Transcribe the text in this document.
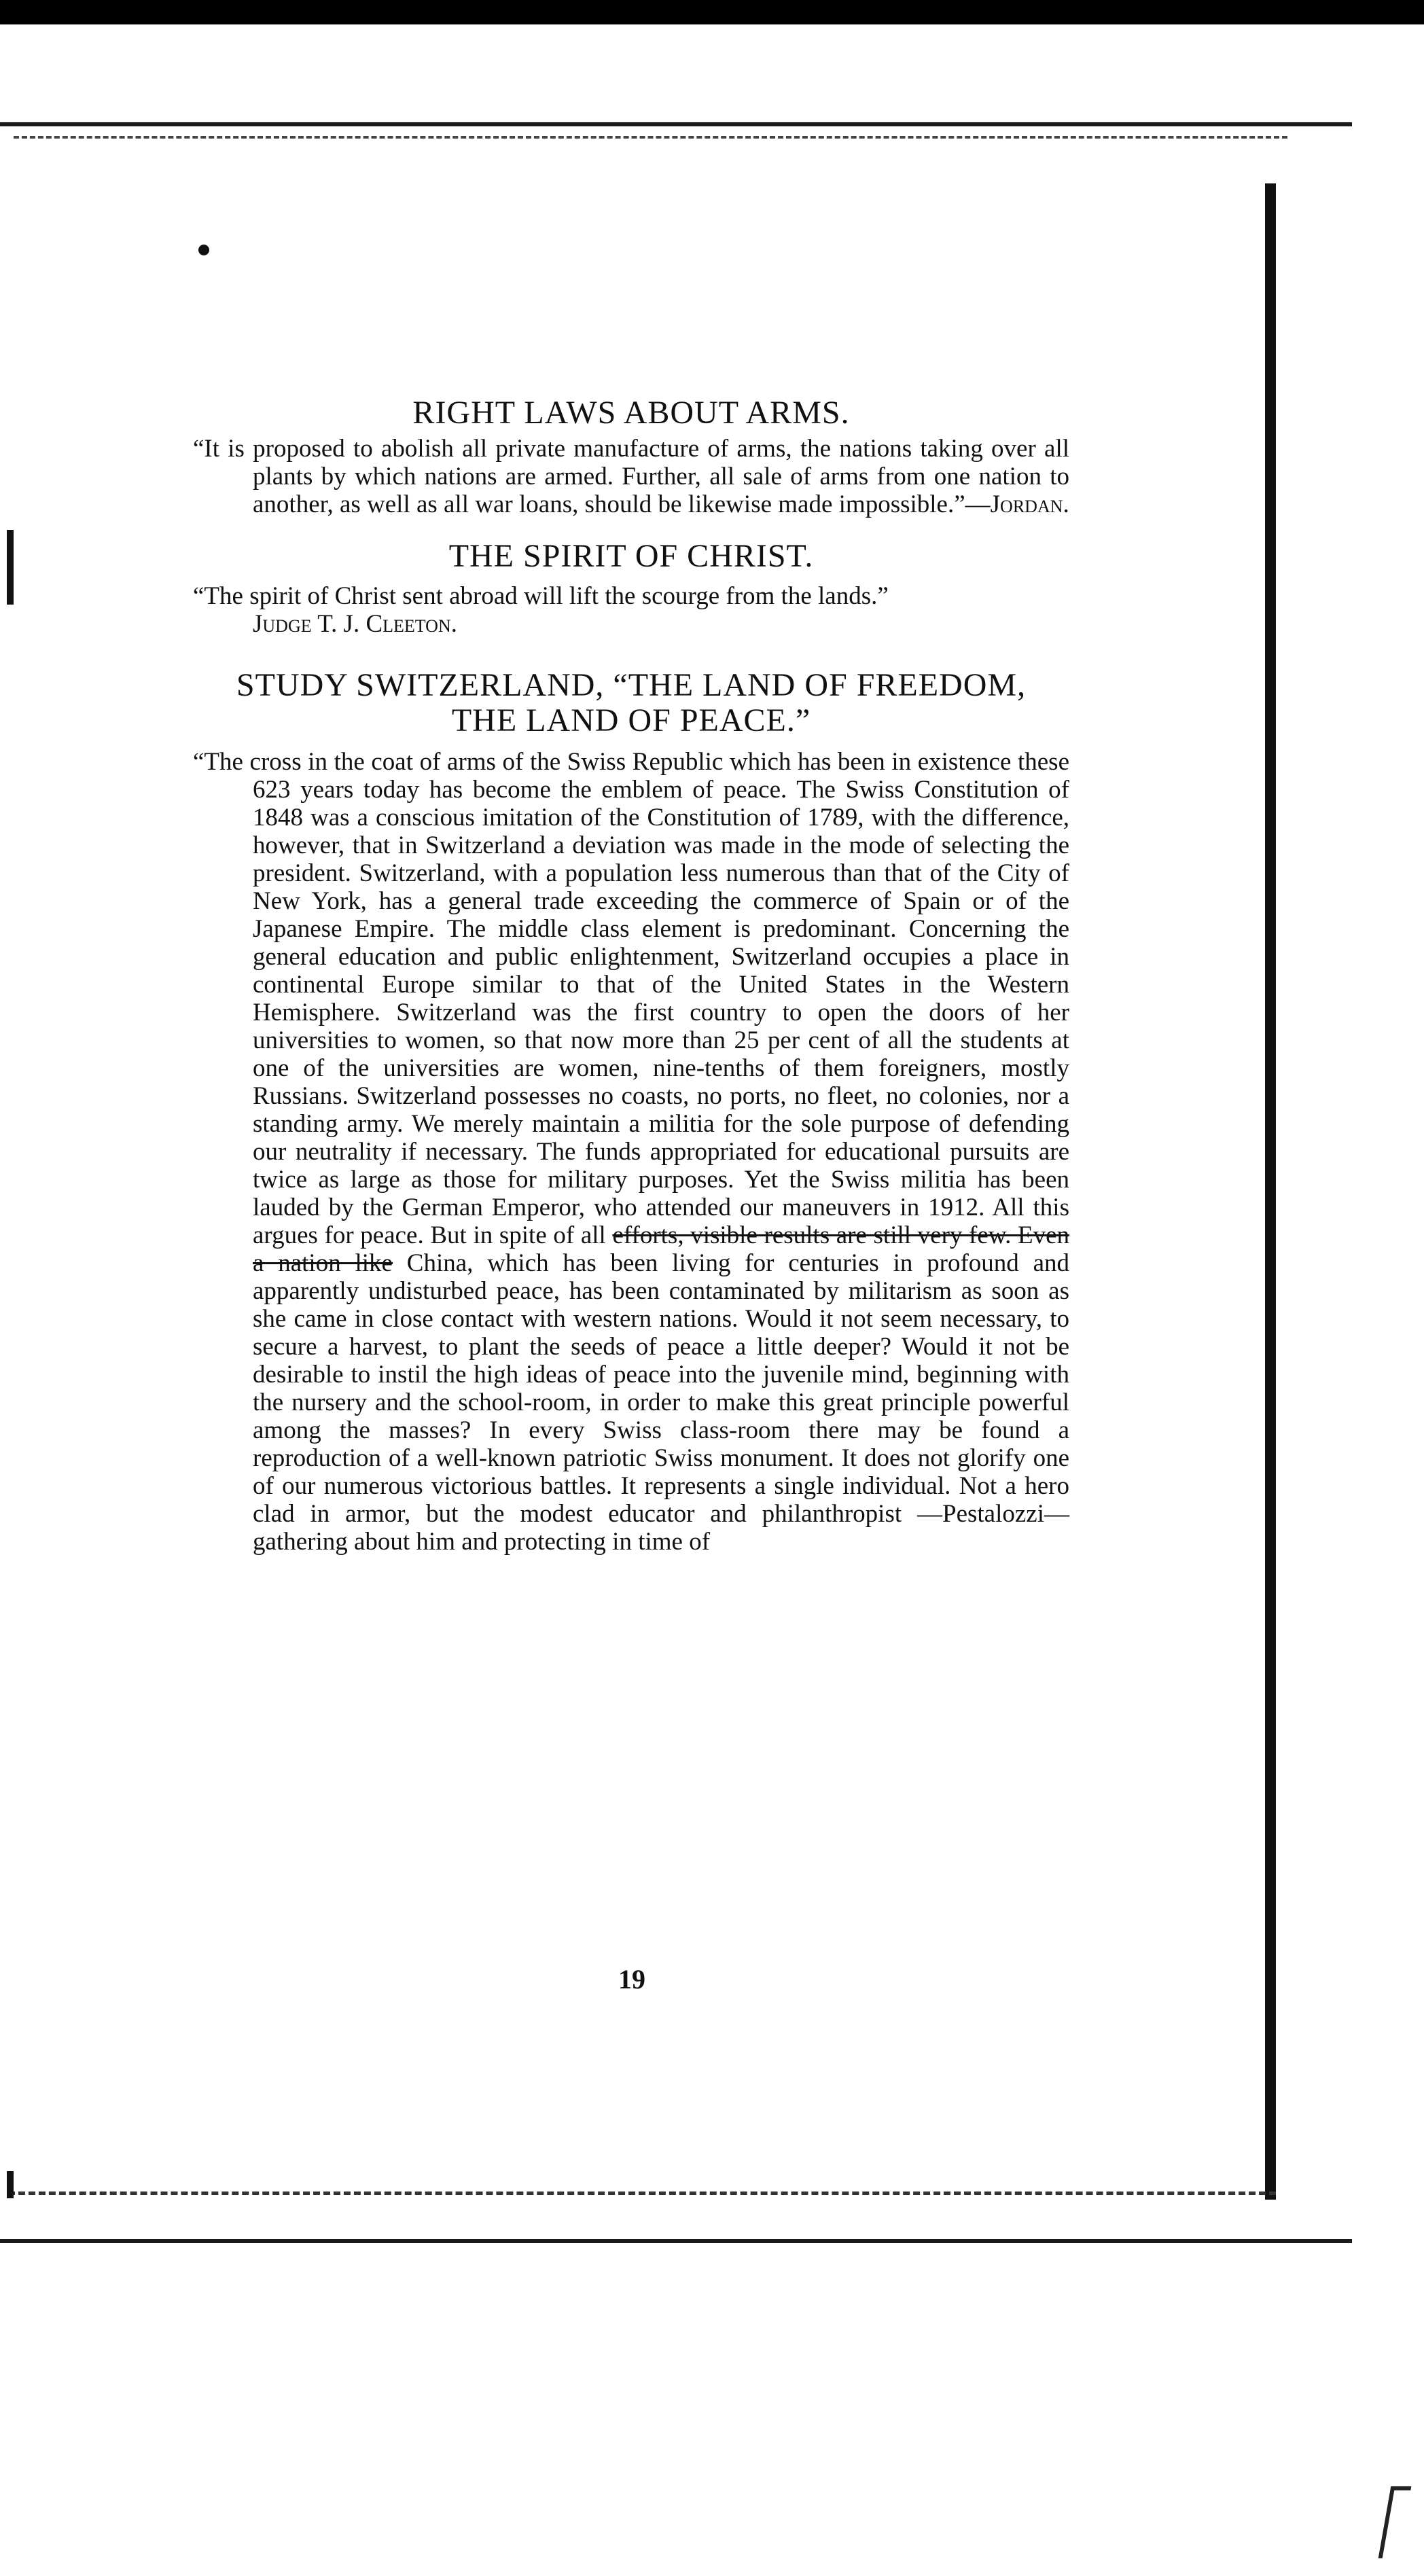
RIGHT LAWS ABOUT ARMS.

“It is proposed to abolish all private manufacture of arms, the nations taking over all plants by which nations are armed. Further, all sale of arms from one nation to another, as well as all war loans, should be likewise made impossible.”—Jordan.

THE SPIRIT OF CHRIST.

“The spirit of Christ sent abroad will lift the scourge from the lands.”
Judge T. J. Cleeton.

STUDY SWITZERLAND, “THE LAND OF FREEDOM,
THE LAND OF PEACE.”

“The cross in the coat of arms of the Swiss Republic which has been in existence these 623 years today has become the emblem of peace. The Swiss Constitution of 1848 was a conscious imitation of the Constitution of 1789, with the difference, however, that in Switzerland a deviation was made in the mode of selecting the president. Switzerland, with a population less numerous than that of the City of New York, has a general trade exceeding the commerce of Spain or of the Japanese Empire. The middle class element is predominant. Concerning the general education and public enlightenment, Switzerland occupies a place in continental Europe similar to that of the United States in the Western Hemisphere. Switzerland was the first country to open the doors of her universities to women, so that now more than 25 per cent of all the students at one of the universities are women, nine-tenths of them foreigners, mostly Russians. Switzerland possesses no coasts, no ports, no fleet, no colonies, nor a standing army. We merely maintain a militia for the sole purpose of defending our neutrality if necessary. The funds appropriated for educational pursuits are twice as large as those for military purposes. Yet the Swiss militia has been lauded by the German Emperor, who attended our maneuvers in 1912. All this argues for peace. But in spite of all efforts, visible results are still very few. Even a nation like China, which has been living for centuries in profound and apparently undisturbed peace, has been contaminated by militarism as soon as she came in close contact with western nations. Would it not seem necessary, to secure a harvest, to plant the seeds of peace a little deeper? Would it not be desirable to instil the high ideas of peace into the juvenile mind, beginning with the nursery and the school-room, in order to make this great principle powerful among the masses? In every Swiss class-room there may be found a reproduction of a well-known patriotic Swiss monument. It does not glorify one of our numerous victorious battles. It represents a single individual. Not a hero clad in armor, but the modest educator and philanthropist —Pestalozzi—gathering about him and protecting in time of

19
